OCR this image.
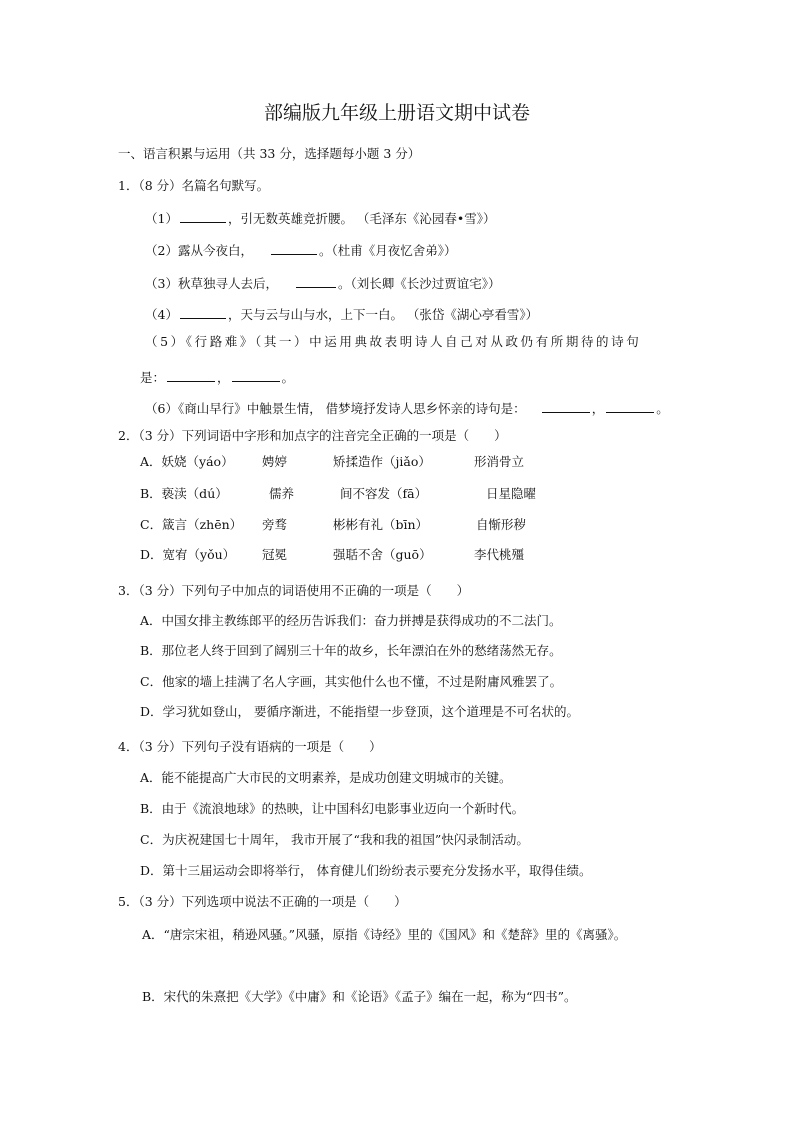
部编版九年级上册语文期中试卷
一、语言积累与运用（共 33 分，选择题每小题 3 分）
1．（8 分）名篇名句默写。
（1）	，引无数英雄竞折腰。 （毛泽东《沁园春•雪》）
（2）露从今夜白，	。（杜甫《月夜忆舍弟》）
（3）秋草独寻人去后，	。（刘长卿《长沙过贾谊宅》）
（4）	，天与云与山与水，上下一白。 （张岱《湖心亭看雪》）
（5）《行路难》（其一）中运用典故表明诗人自己对从政仍有所期待的诗句
是：	，	。
（6）《商山早行》中触景生情， 借梦境抒发诗人思乡怀亲的诗句是：	，	。
2．（3 分）下列词语中字形和加点字的注音完全正确的一项是（　　）
A．妖娆（yáo） 娉婷	矫揉造作（jiǎo）	形消骨立
B．亵渎（dú）	儒养	间不容发（fā）	日星隐曜
C．箴言（zhēn） 旁骛	彬彬有礼（bīn）	自惭形秽
D．宽宥（yǒu） 冠冕	强聒不舍（guō）	李代桃殭
3．（3 分）下列句子中加点的词语使用不正确的一项是（　　）
A．中国女排主教练郎平的经历告诉我们：奋力拼搏是获得成功的不二法门。
B．那位老人终于回到了阔别三十年的故乡，长年漂泊在外的愁绪荡然无存。
C．他家的墙上挂满了名人字画，其实他什么也不懂，不过是附庸风雅罢了。
D．学习犹如登山， 要循序渐进，不能指望一步登顶，这个道理是不可名状的。
4．（3 分）下列句子没有语病的一项是（　　）
A．能不能提高广大市民的文明素养，是成功创建文明城市的关键。
B．由于《流浪地球》的热映，让中国科幻电影事业迈向一个新时代。
C．为庆祝建国七十周年， 我市开展了“我和我的祖国”快闪录制活动。
D．第十三届运动会即将举行， 体育健儿们纷纷表示要充分发扬水平，取得佳绩。
5．（3 分）下列选项中说法不正确的一项是（　　）
A．“唐宗宋祖，稍逊风骚。”风骚，原指《诗经》里的《国风》和《楚辞》里的《离骚》。
B．宋代的朱熹把《大学》《中庸》和《论语》《孟子》编在一起，称为“四书”。
